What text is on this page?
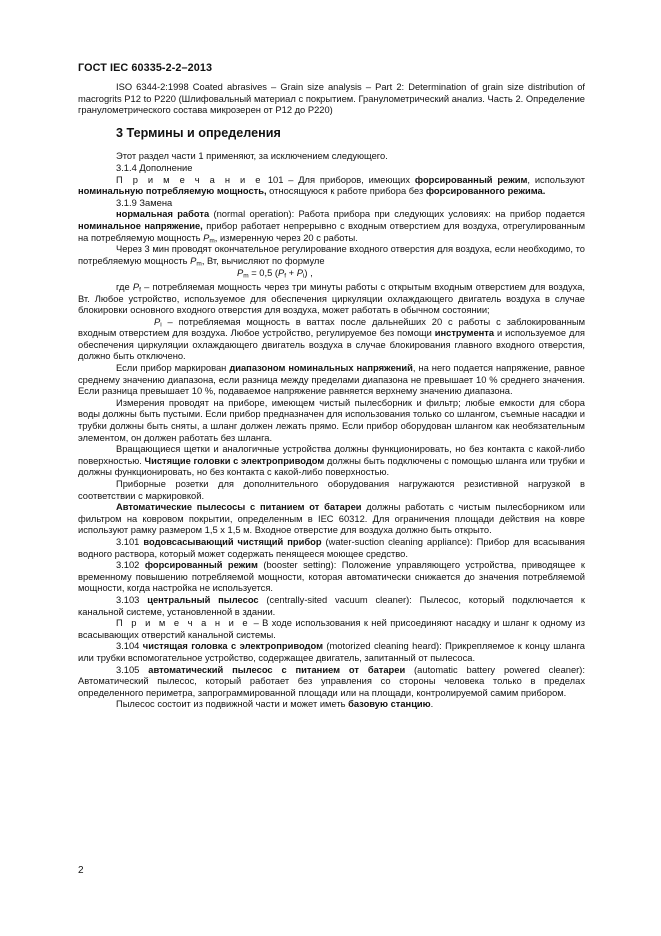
ГОСТ IEC 60335-2-2–2013

ISO 6344-2:1998 Coated abrasives – Grain size analysis – Part 2: Determination of grain size distribution of macrogrits P12 to P220 (Шлифовальный материал с покрытием. Гранулометрический анализ. Часть 2. Определение гранулометрического состава микрозерен от P12 до P220)

3 Термины и определения

Этот раздел части 1 применяют, за исключением следующего.

3.1.4 Дополнение

П р и м е ч а н и е 101 – Для приборов, имеющих форсированный режим, используют номинальную потребляемую мощность, относящуюся к работе прибора без форсированного режима.

3.1.9 Замена

нормальная работа (normal operation): Работа прибора при следующих условиях: на прибор подается номинальное напряжение, прибор работает непрерывно с входным отверстием для воздуха, отрегулированным на потребляемую мощность $P_m$, измеренную через 20 с работы.

Через 3 мин проводят окончательное регулирование входного отверстия для воздуха, если необходимо, то потребляемую мощность $P_m$, Вт, вычисляют по формуле

$P_m = 0,5$ $(P_f + P_i)$ ,

где $P_f$ – потребляемая мощность через три минуты работы с открытым входным отверстием для воздуха, Вт. Любое устройство, используемое для обеспечения циркуляции охлаждающего двигатель воздуха в случае блокировки основного входного отверстия для воздуха, может работать в обычном состоянии;

$P_i$ – потребляемая мощность в ваттах после дальнейших 20 с работы с заблокированным входным отверстием для воздуха. Любое устройство, регулируемое без помощи инструмента и используемое для обеспечения циркуляции охлаждающего двигатель воздуха в случае блокирования главного входного отверстия, должно быть отключено.

Если прибор маркирован диапазоном номинальных напряжений, на него подается напряжение, равное среднему значению диапазона, если разница между пределами диапазона не превышает 10 % среднего значения. Если разница превышает 10 %, подаваемое напряжение равняется верхнему значению диапазона.

Измерения проводят на приборе, имеющем чистый пылесборник и фильтр; любые емкости для сбора воды должны быть пустыми. Если прибор предназначен для использования только со шлангом, съемные насадки и трубки должны быть сняты, а шланг должен лежать прямо. Если прибор оборудован шлангом как необязательным элементом, он должен работать без шланга.

Вращающиеся щетки и аналогичные устройства должны функционировать, но без контакта с какой-либо поверхностью. Чистящие головки с электроприводом должны быть подключены с помощью шланга или трубки и должны функционировать, но без контакта с какой-либо поверхностью.

Приборные розетки для дополнительного оборудования нагружаются резистивной нагрузкой в соответствии с маркировкой.

Автоматические пылесосы с питанием от батареи должны работать с чистым пылесборником или фильтром на ковровом покрытии, определенным в IEC 60312. Для ограничения площади действия на ковре используют рамку размером 1,5 х 1,5 м. Входное отверстие для воздуха должно быть открыто.

3.101 водовсасывающий чистящий прибор (water-suction cleaning appliance): Прибор для всасывания водного раствора, который может содержать пенящееся моющее средство.

3.102 форсированный режим (booster setting): Положение управляющего устройства, приводящее к временному повышению потребляемой мощности, которая автоматически снижается до значения потребляемой мощности, когда настройка не используется.

3.103 центральный пылесос (centrally-sited vacuum cleaner): Пылесос, который подключается к канальной системе, установленной в здании.

П р и м е ч а н и е – В ходе использования к ней присоединяют насадку и шланг к одному из всасывающих отверстий канальной системы.

3.104 чистящая головка с электроприводом (motorized cleaning heard): Прикрепляемое к концу шланга или трубки вспомогательное устройство, содержащее двигатель, запитанный от пылесоса.

3.105 автоматический пылесос с питанием от батареи (automatic battery powered cleaner): Автоматический пылесос, который работает без управления со стороны человека только в пределах определенного периметра, запрограммированной площади или на площади, контролируемой самим прибором.

Пылесос состоит из подвижной части и может иметь базовую станцию.

2
